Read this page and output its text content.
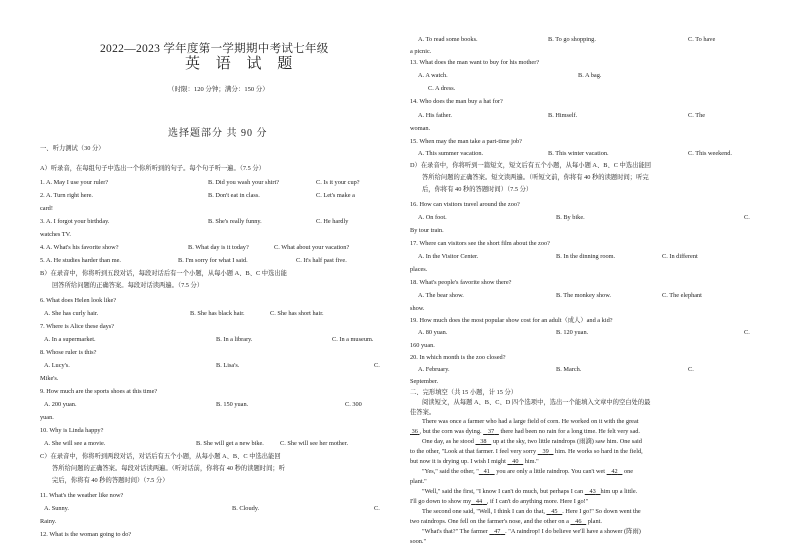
2022—2023 学年度第一学期期中考试七年级
英 语 试 题
（时限：120 分钟；满分：150 分）
选择题部分 共 90 分
一、听力测试（30 分）
A）听录音，在每组句子中选出一个你所听到的句子。每个句子听一遍。（7.5 分）
1. A. May I use your ruler?	B. Did you wash your shirt?	C. Is it your cup?
2. A. Turn right here.	B. Don't eat in class.	C. Let's make a
card!
3. A. I forgot your birthday.	B. She's really funny.	C. He hardly
watches TV.
4. A. What's his favorite show?	B. What day is it today?	C. What about your vacation?
5. A. He studies harder than me.	B. I'm sorry for what I said.	C. It's half past five.
B）在录音中，你将听到五段对话，每段对话后有一个小题，从每小题 A、B、C 中选出能
回答所给问题的正确答案。每段对话读两遍。（7.5 分）
6. What does Helen look like?
A. She has curly hair.	B. She has black hair.	C. She has short hair.
7. Where is Alice these days?
A. In a supermarket.	B. In a library.	C. In a museum.
8. Whose ruler is this?
A. Lucy's.	B. Lisa's.	C.
Mike's.
9. How much are the sports shoes at this time?
A. 200 yuan.	B. 150 yuan.	C. 300
yuan.
10. Why is Linda happy?
A. She will see a movie.	B. She will get a new bike.	C. She will see her mother.
C）在录音中，你将听到两段对话，对话后有五个小题，从每小题 A、B、C 中选出能回
答所给问题的正确答案。每段对话读两遍。（听对话前，你将有 40 秒的读题时间；听
完后，你将有 40 秒的答题时间）（7.5 分）
11. What's the weather like now?
A. Sunny.	B. Cloudy.	C.
Rainy.
12. What is the woman going to do?
A. To read some books.	B. To go shopping.	C. To have
a picnic.
13. What does the man want to buy for his mother?
A. A watch.	B. A bag.
C. A dress.
14. Who does the man buy a hat for?
A. His father.	B. Himself.	C. The
woman.
15. When may the man take a part-time job?
A. This summer vacation.	B. This winter vacation.	C. This weekend.
D）在录音中，你将听到一篇短文，短文后有五个小题，从每小题 A、B、C 中选出能回
答所给问题的正确答案。短文读两遍。（听短文前，你将有 40 秒的读题时间；听完
后，你将有 40 秒的答题时间）（7.5 分）
16. How can visitors travel around the zoo?
A. On foot.	B. By bike.	C.
By tour train.
17. Where can visitors see the short film about the zoo?
A. In the Visitor Center.	B. In the dinning room.	C. In different
places.
18. What's people's favorite show there?
A. The bear show.	B. The monkey show.	C. The elephant
show.
19. How much does the most popular show cost for an adult（成人）and a kid?
A. 80 yuan.	B. 120 yuan.	C.
160 yuan.
20. In which month is the zoo closed?
A. February.	B. March.	C.
September.
二、完形填空（共 15 小题，计 15 分）
阅读短文，从每题 A、B、C、D 四个选项中，选出一个能填入文章中的空白处的最
佳答案。
There was once a farmer who had a large field of corn. He worked on it with the great
36 , but the corn was dying. 37 there had been no rain for a long time. He felt very sad.
One day, as he stood 38 up at the sky, two little raindrops (雨滴) saw him. One said
to the other, "Look at that farmer. I feel very sorry 39 him. He works so hard in the field,
but now it is drying up. I wish I might 40 him."
"Yes," said the other, " 41 you are only a little raindrop. You can't wet 42 one
plant."
"Well," said the first, "I know I can't do much, but perhaps I can 43 him up a little.
I'll go down to show my 44 , if I can't do anything more. Here I go!"
The second one said, "Well, I think I can do that, 45 . Here I go!" So down went the
two raindrops. One fell on the farmer's nose, and the other on a 46 plant.
"What's that?" The farmer 47 . "A raindrop! I do believe we'll have a shower (阵雨)
soon."
